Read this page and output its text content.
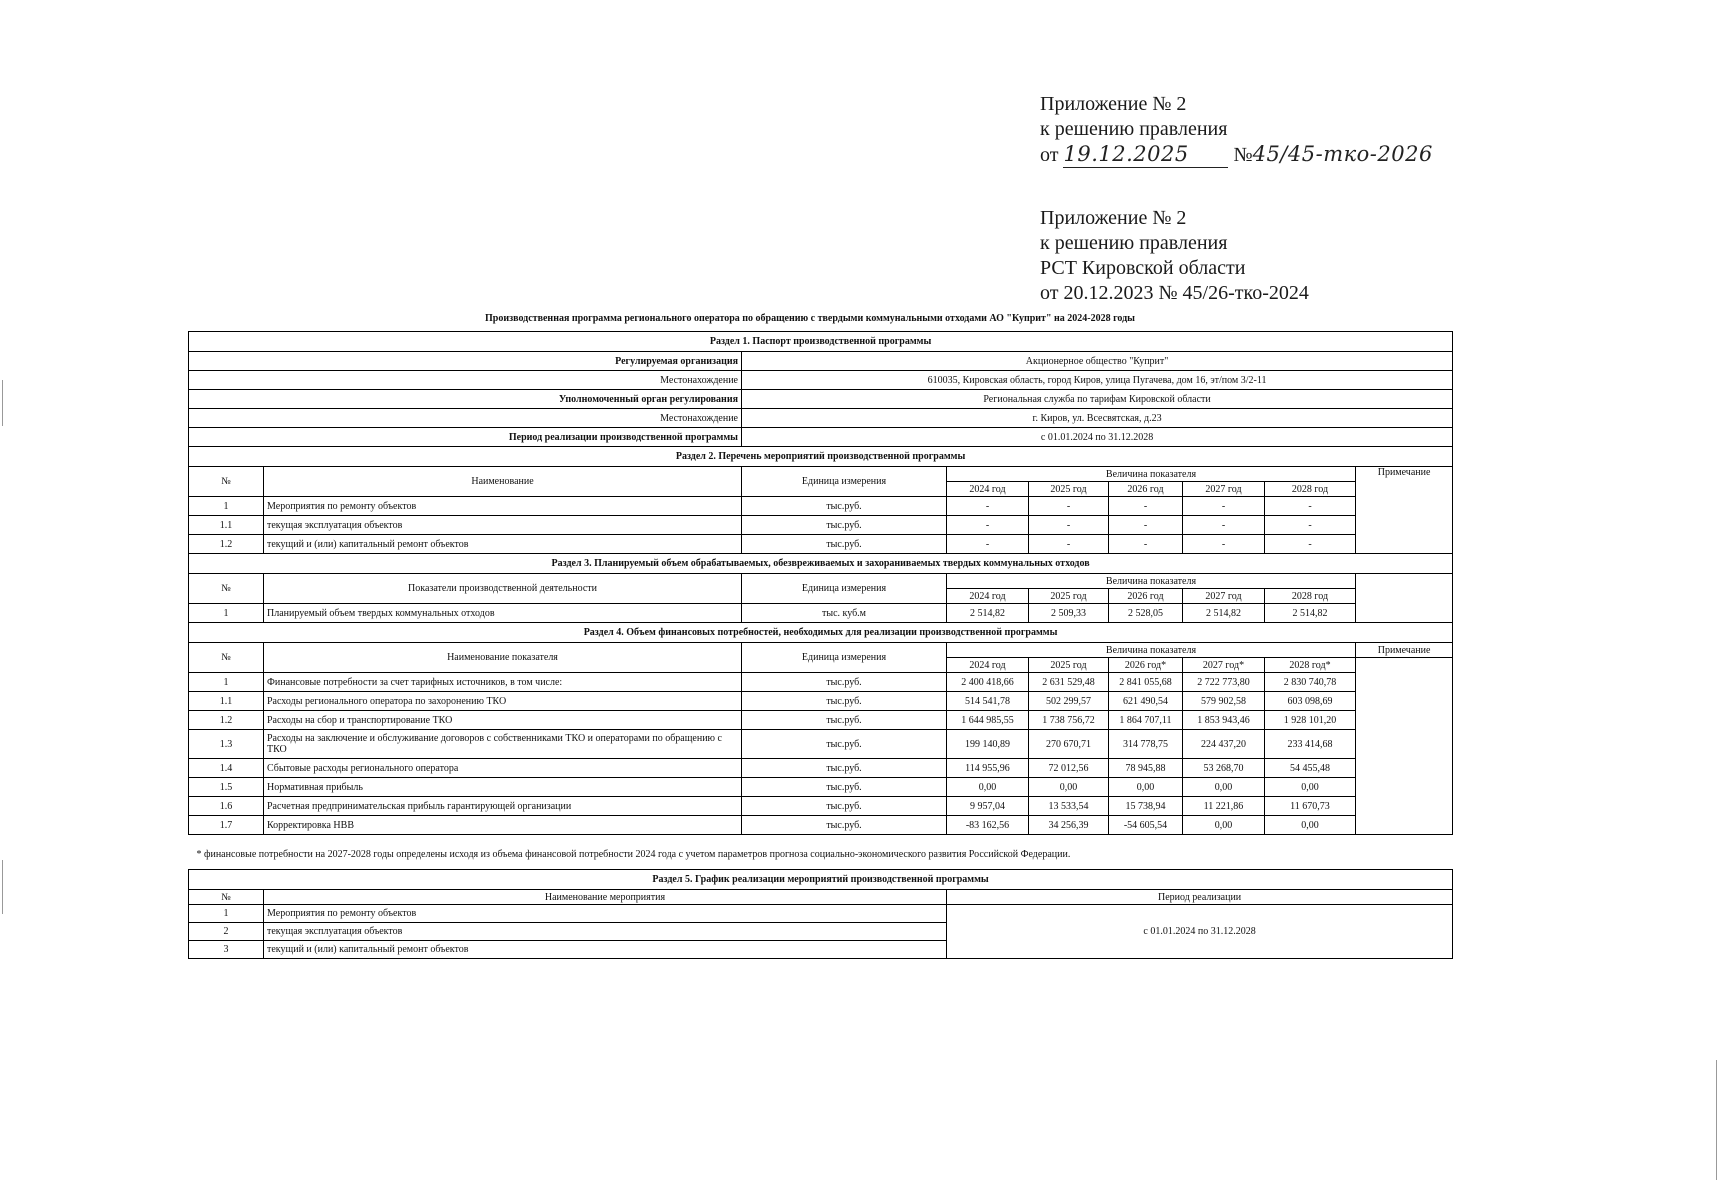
Приложение № 2
к решению правления
от 19.12.2025 №45/45-тко-2026
Приложение № 2
к решению правления
РСТ Кировской области
от 20.12.2023 № 45/26-тко-2024
Производственная программа регионального оператора по обращению с твердыми коммунальными отходами АО "Куприт" на 2024-2028 годы
Раздел 1. Паспорт производственной программы								
Регулируемая организация		Акционерное общество "Куприт"						
Местонахождение		610035, Кировская область, город Киров, улица Пугачева, дом 16, эт/пом 3/2-11						
Уполномоченный орган регулирования		Региональная служба по тарифам Кировской области						
Местонахождение		г. Киров, ул. Всесвятская, д.23						
Период реализации производственной программы		с 01.01.2024 по 31.12.2028						
Раздел 2. Перечень мероприятий производственной программы								
№	Наименование	Единица измерения	Величина показателя					Примечание
			2024 год	2025 год	2026 год	2027 год	2028 год	
1	Мероприятия по ремонту объектов	тыс.руб.	-	-	-	-	-	
1.1	текущая эксплуатация объектов	тыс.руб.	-	-	-	-	-	
1.2	текущий и (или) капитальный ремонт объектов	тыс.руб.	-	-	-	-	-	
Раздел 3. Планируемый объем обрабатываемых, обезвреживаемых и захораниваемых твердых коммунальных отходов								
№	Показатели производственной деятельности	Единица измерения	Величина показателя					
			2024 год	2025 год	2026 год	2027 год	2028 год	
1	Планируемый объем твердых коммунальных отходов	тыс. куб.м	2 514,82	2 509,33	2 528,05	2 514,82	2 514,82	
Раздел 4. Объем финансовых потребностей, необходимых для реализации производственной программы								
№	Наименование показателя	Единица измерения	Величина показателя					Примечание
			2024 год	2025 год	2026 год*	2027 год*	2028 год*	
1	Финансовые потребности за счет тарифных источников, в том числе:	тыс.руб.	2 400 418,66	2 631 529,48	2 841 055,68	2 722 773,80	2 830 740,78	
1.1	Расходы регионального оператора по захоронению ТКО	тыс.руб.	514 541,78	502 299,57	621 490,54	579 902,58	603 098,69	
1.2	Расходы на сбор и транспортирование ТКО	тыс.руб.	1 644 985,55	1 738 756,72	1 864 707,11	1 853 943,46	1 928 101,20	
1.3	Расходы на заключение и обслуживание договоров с собственниками ТКО и операторами по обращению с ТКО	тыс.руб.	199 140,89	270 670,71	314 778,75	224 437,20	233 414,68	
1.4	Сбытовые расходы регионального оператора	тыс.руб.	114 955,96	72 012,56	78 945,88	53 268,70	54 455,48	
1.5	Нормативная прибыль	тыс.руб.	0,00	0,00	0,00	0,00	0,00	
1.6	Расчетная предпринимательская прибыль гарантирующей организации	тыс.руб.	9 957,04	13 533,54	15 738,94	11 221,86	11 670,73	
1.7	Корректировка НВВ	тыс.руб.	-83 162,56	34 256,39	-54 605,54	0,00	0,00	

* финансовые потребности на 2027-2028 годы определены исходя из объема финансовой потребности 2024 года с учетом параметров прогноза социально-экономического развития Российской Федерации.								

Раздел 5. График реализации мероприятий производственной программы								
№	Наименование мероприятия		Период реализации					
1	Мероприятия по ремонту объектов		с 01.01.2024 по 31.12.2028					
2	текущая эксплуатация объектов							
3	текущий и (или) капитальный ремонт объектов							
